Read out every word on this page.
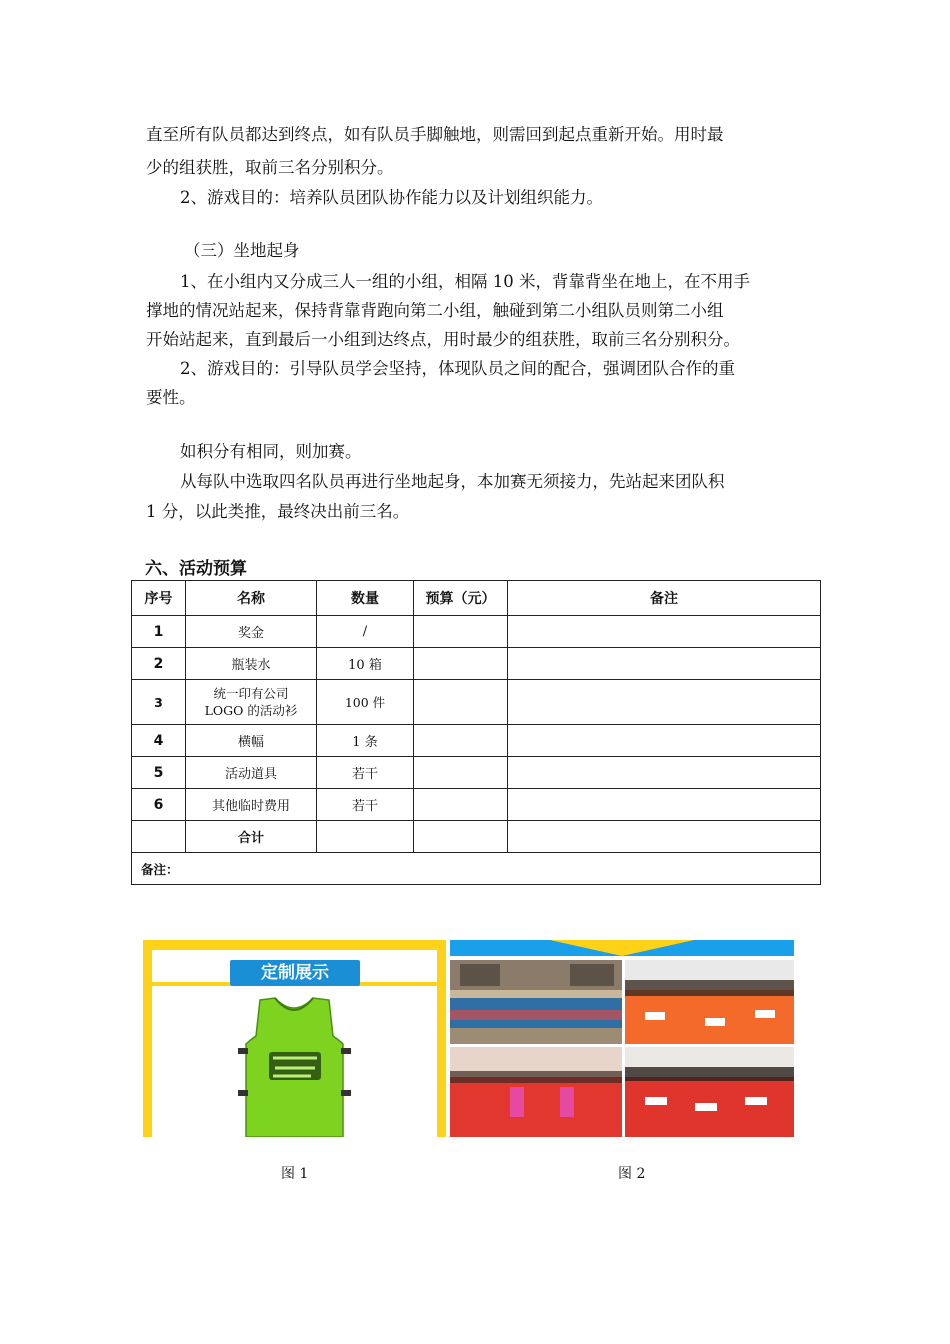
直至所有队员都达到终点，如有队员手脚触地，则需回到起点重新开始。用时最
少的组获胜，取前三名分别积分。
2、游戏目的：培养队员团队协作能力以及计划组织能力。
（三）坐地起身
1、在小组内又分成三人一组的小组，相隔 10 米，背靠背坐在地上，在不用手
撑地的情况站起来，保持背靠背跑向第二小组，触碰到第二小组队员则第二小组
开始站起来，直到最后一小组到达终点，用时最少的组获胜，取前三名分别积分。
2、游戏目的：引导队员学会坚持，体现队员之间的配合，强调团队合作的重
要性。
如积分有相同，则加赛。
从每队中选取四名队员再进行坐地起身，本加赛无须接力，先站起来团队积
1 分，以此类推，最终决出前三名。
六、活动预算
序号	名称	数量	预算（元）	备注
1	奖金	/		
2	瓶装水	10 箱		
3	统一印有公司
LOGO 的活动衫	100 件		
4	横幅	1 条		
5	活动道具	若干		
6	其他临时费用	若干		
	合计			
备注：				
定制展示
图 1	图 2
